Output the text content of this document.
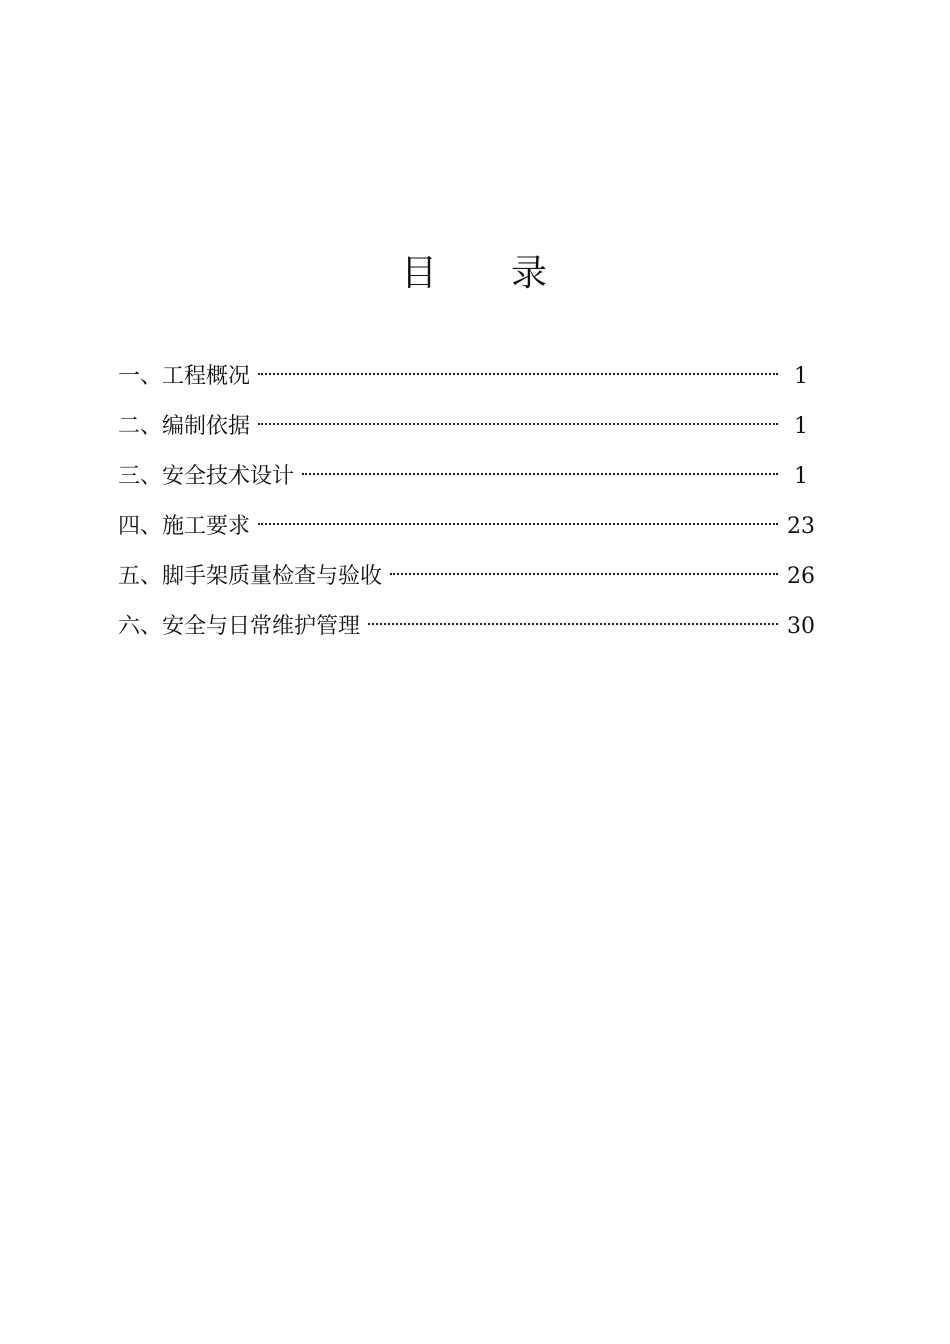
目 录
一、工程概况	1
二、编制依据	1
三、安全技术设计	1
四、施工要求	23
五、脚手架质量检查与验收	26
六、安全与日常维护管理	30
